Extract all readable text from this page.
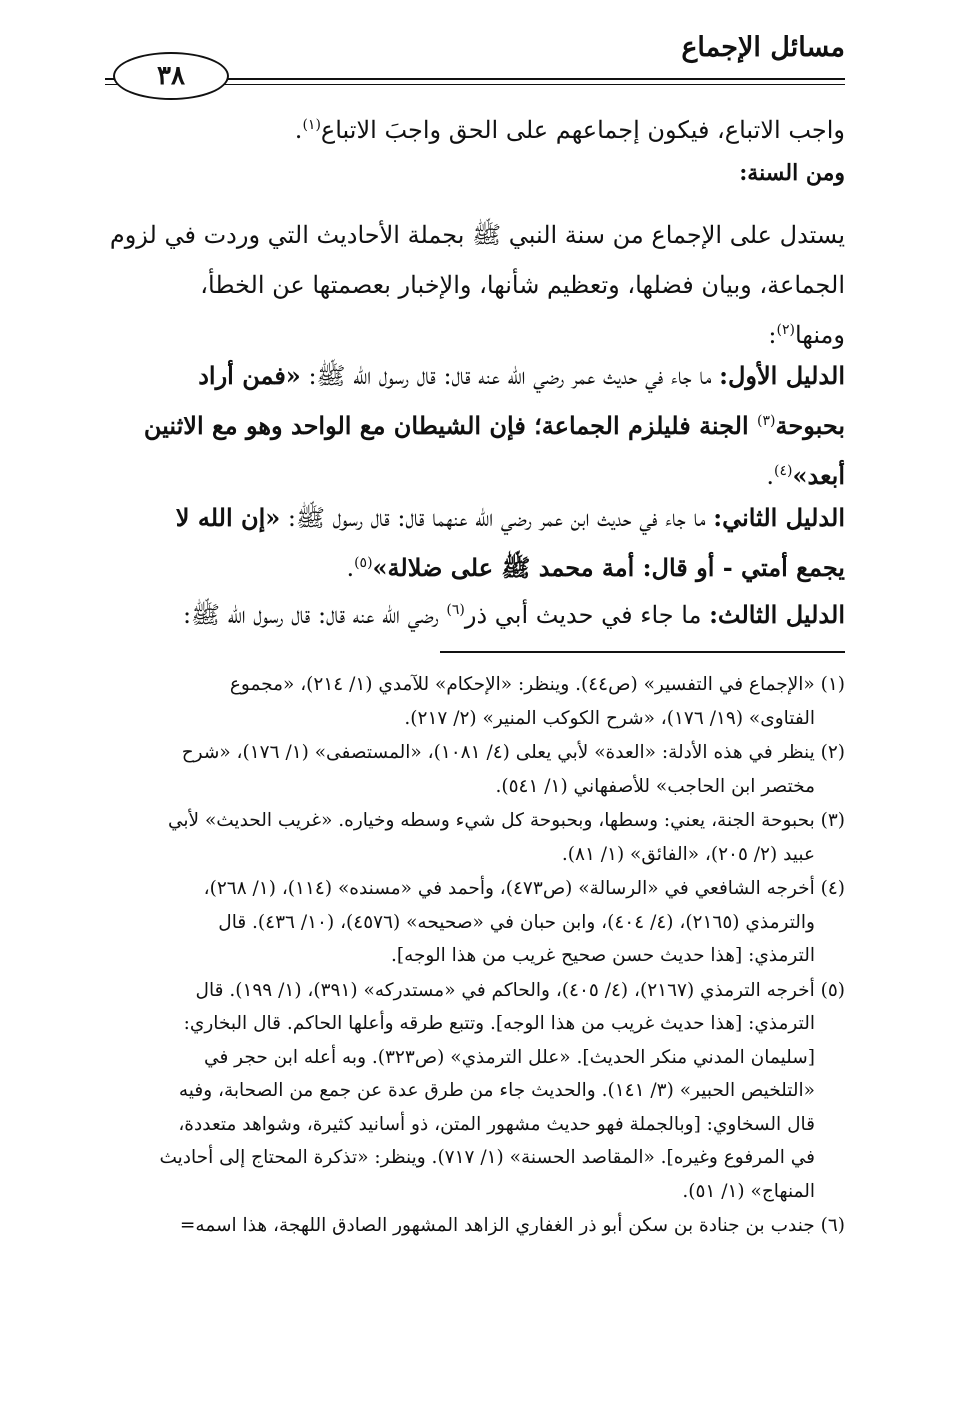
مسائل الإجماع
٣٨

واجب الاتباع، فيكون إجماعهم على الحق واجبَ الاتباع$^{(١)}$.

ومن السنة:

يستدل على الإجماع من سنة النبي ﷺ بجملة الأحاديث التي وردت في لزوم
الجماعة، وبيان فضلها، وتعظيم شأنها، والإخبار بعصمتها عن الخطأ،
ومنها$^{(٢)}$:

الدليل الأول: ما جاء في حديث عمر رضي الله عنه قال: قال رسول الله ﷺ: «فمن أراد
بحبوحة$^{(٣)}$ الجنة فليلزم الجماعة؛ فإن الشيطان مع الواحد وهو مع الاثنين
أبعد»$^{(٤)}$.

الدليل الثاني: ما جاء في حديث ابن عمر رضي الله عنهما قال: قال رسول ﷺ: «إن الله لا
يجمع أمتي - أو قال: أمة محمد ﷺ على ضلالة»$^{(٥)}$.

الدليل الثالث: ما جاء في حديث أبي ذر$^{(٦)}$ رضي الله عنه قال: قال رسول الله ﷺ:

(١) «الإجماع في التفسير» (ص٤٤). وينظر: «الإحكام» للآمدي (١/ ٢١٤)، «مجموع
الفتاوى» (١٩/ ١٧٦)، «شرح الكوكب المنير» (٢/ ٢١٧).
(٢) ينظر في هذه الأدلة: «العدة» لأبي يعلى (٤/ ١٠٨١)، «المستصفى» (١/ ١٧٦)، «شرح
مختصر ابن الحاجب» للأصفهاني (١/ ٥٤١).
(٣) بحبوحة الجنة، يعني: وسطها، وبحبوحة كل شيء وسطه وخياره. «غريب الحديث» لأبي
عبيد (٢/ ٢٠٥)، «الفائق» (١/ ٨١).
(٤) أخرجه الشافعي في «الرسالة» (ص٤٧٣)، وأحمد في «مسنده» (١١٤)، (١/ ٢٦٨)،
والترمذي (٢١٦٥)، (٤/ ٤٠٤)، وابن حبان في «صحيحه» (٤٥٧٦)، (١٠/ ٤٣٦). قال
الترمذي: [هذا حديث حسن صحيح غريب من هذا الوجه].
(٥) أخرجه الترمذي (٢١٦٧)، (٤/ ٤٠٥)، والحاكم في «مستدركه» (٣٩١)، (١/ ١٩٩). قال
الترمذي: [هذا حديث غريب من هذا الوجه]. وتتبع طرقه وأعلها الحاكم. قال البخاري:
[سليمان المدني منكر الحديث]. «علل الترمذي» (ص٣٢٣). وبه أعله ابن حجر في
«التلخيص الحبير» (٣/ ١٤١). والحديث جاء من طرق عدة عن جمع من الصحابة، وفيه
قال السخاوي: [وبالجملة فهو حديث مشهور المتن، ذو أسانيد كثيرة، وشواهد متعددة،
في المرفوع وغيره]. «المقاصد الحسنة» (١/ ٧١٧). وينظر: «تذكرة المحتاج إلى أحاديث
المنهاج» (١/ ٥١).
(٦) جندب بن جنادة بن سكن أبو ذر الغفاري الزاهد المشهور الصادق اللهجة، هذا اسمه=
